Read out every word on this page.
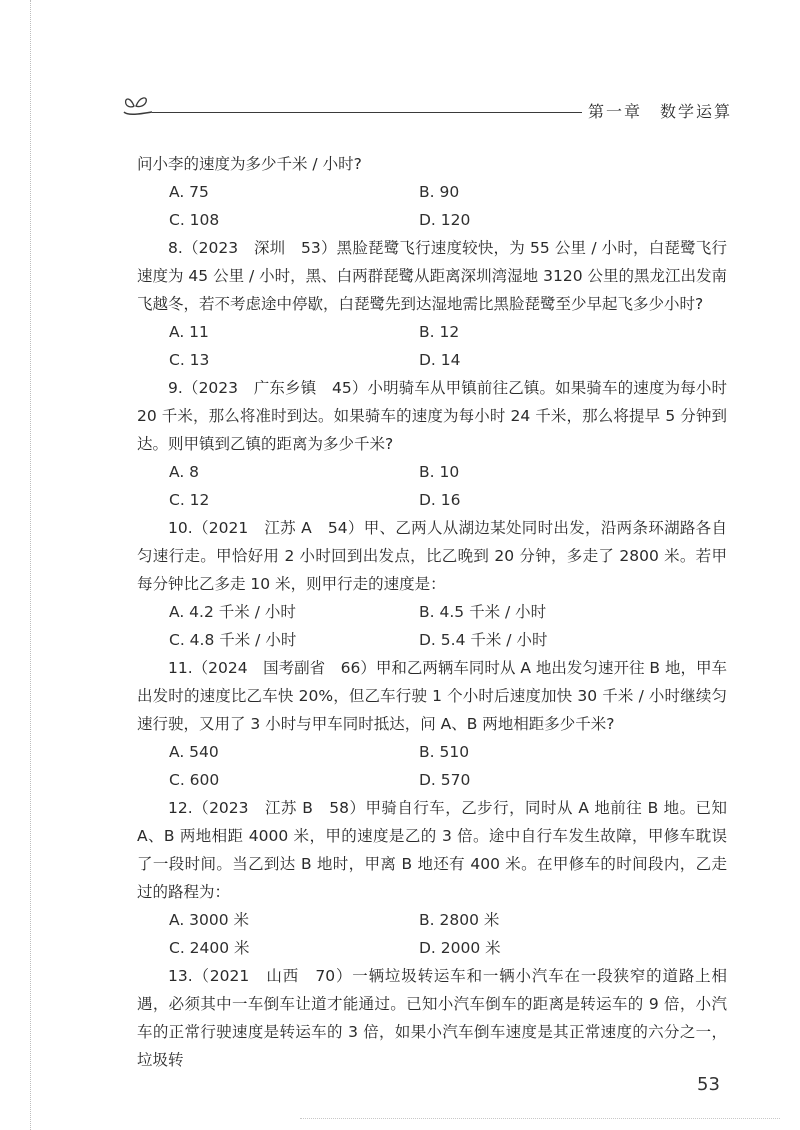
第一章　数学运算

问小李的速度为多少千米 / 小时?

A. 75	B. 90
C. 108	D. 120

8.（2023　深圳　53）黑脸琵鹭飞行速度较快，为 55 公里 / 小时，白琵鹭飞行速度为 45 公里 / 小时，黑、白两群琵鹭从距离深圳湾湿地 3120 公里的黑龙江出发南飞越冬，若不考虑途中停歇，白琵鹭先到达湿地需比黑脸琵鹭至少早起飞多少小时?

A. 11	B. 12
C. 13	D. 14

9.（2023　广东乡镇　45）小明骑车从甲镇前往乙镇。如果骑车的速度为每小时 20 千米，那么将准时到达。如果骑车的速度为每小时 24 千米，那么将提早 5 分钟到达。则甲镇到乙镇的距离为多少千米?

A. 8	B. 10
C. 12	D. 16

10.（2021　江苏 A　54）甲、乙两人从湖边某处同时出发，沿两条环湖路各自匀速行走。甲恰好用 2 小时回到出发点，比乙晚到 20 分钟，多走了 2800 米。若甲每分钟比乙多走 10 米，则甲行走的速度是：

A. 4.2 千米 / 小时	B. 4.5 千米 / 小时
C. 4.8 千米 / 小时	D. 5.4 千米 / 小时

11.（2024　国考副省　66）甲和乙两辆车同时从 A 地出发匀速开往 B 地，甲车出发时的速度比乙车快 20%，但乙车行驶 1 个小时后速度加快 30 千米 / 小时继续匀速行驶，又用了 3 小时与甲车同时抵达，问 A、B 两地相距多少千米?

A. 540	B. 510
C. 600	D. 570

12.（2023　江苏 B　58）甲骑自行车，乙步行，同时从 A 地前往 B 地。已知 A、B 两地相距 4000 米，甲的速度是乙的 3 倍。途中自行车发生故障，甲修车耽误了一段时间。当乙到达 B 地时，甲离 B 地还有 400 米。在甲修车的时间段内，乙走过的路程为：

A. 3000 米	B. 2800 米
C. 2400 米	D. 2000 米

13.（2021　山西　70）一辆垃圾转运车和一辆小汽车在一段狭窄的道路上相遇，必须其中一车倒车让道才能通过。已知小汽车倒车的距离是转运车的 9 倍，小汽车的正常行驶速度是转运车的 3 倍，如果小汽车倒车速度是其正常速度的六分之一，垃圾转

53
